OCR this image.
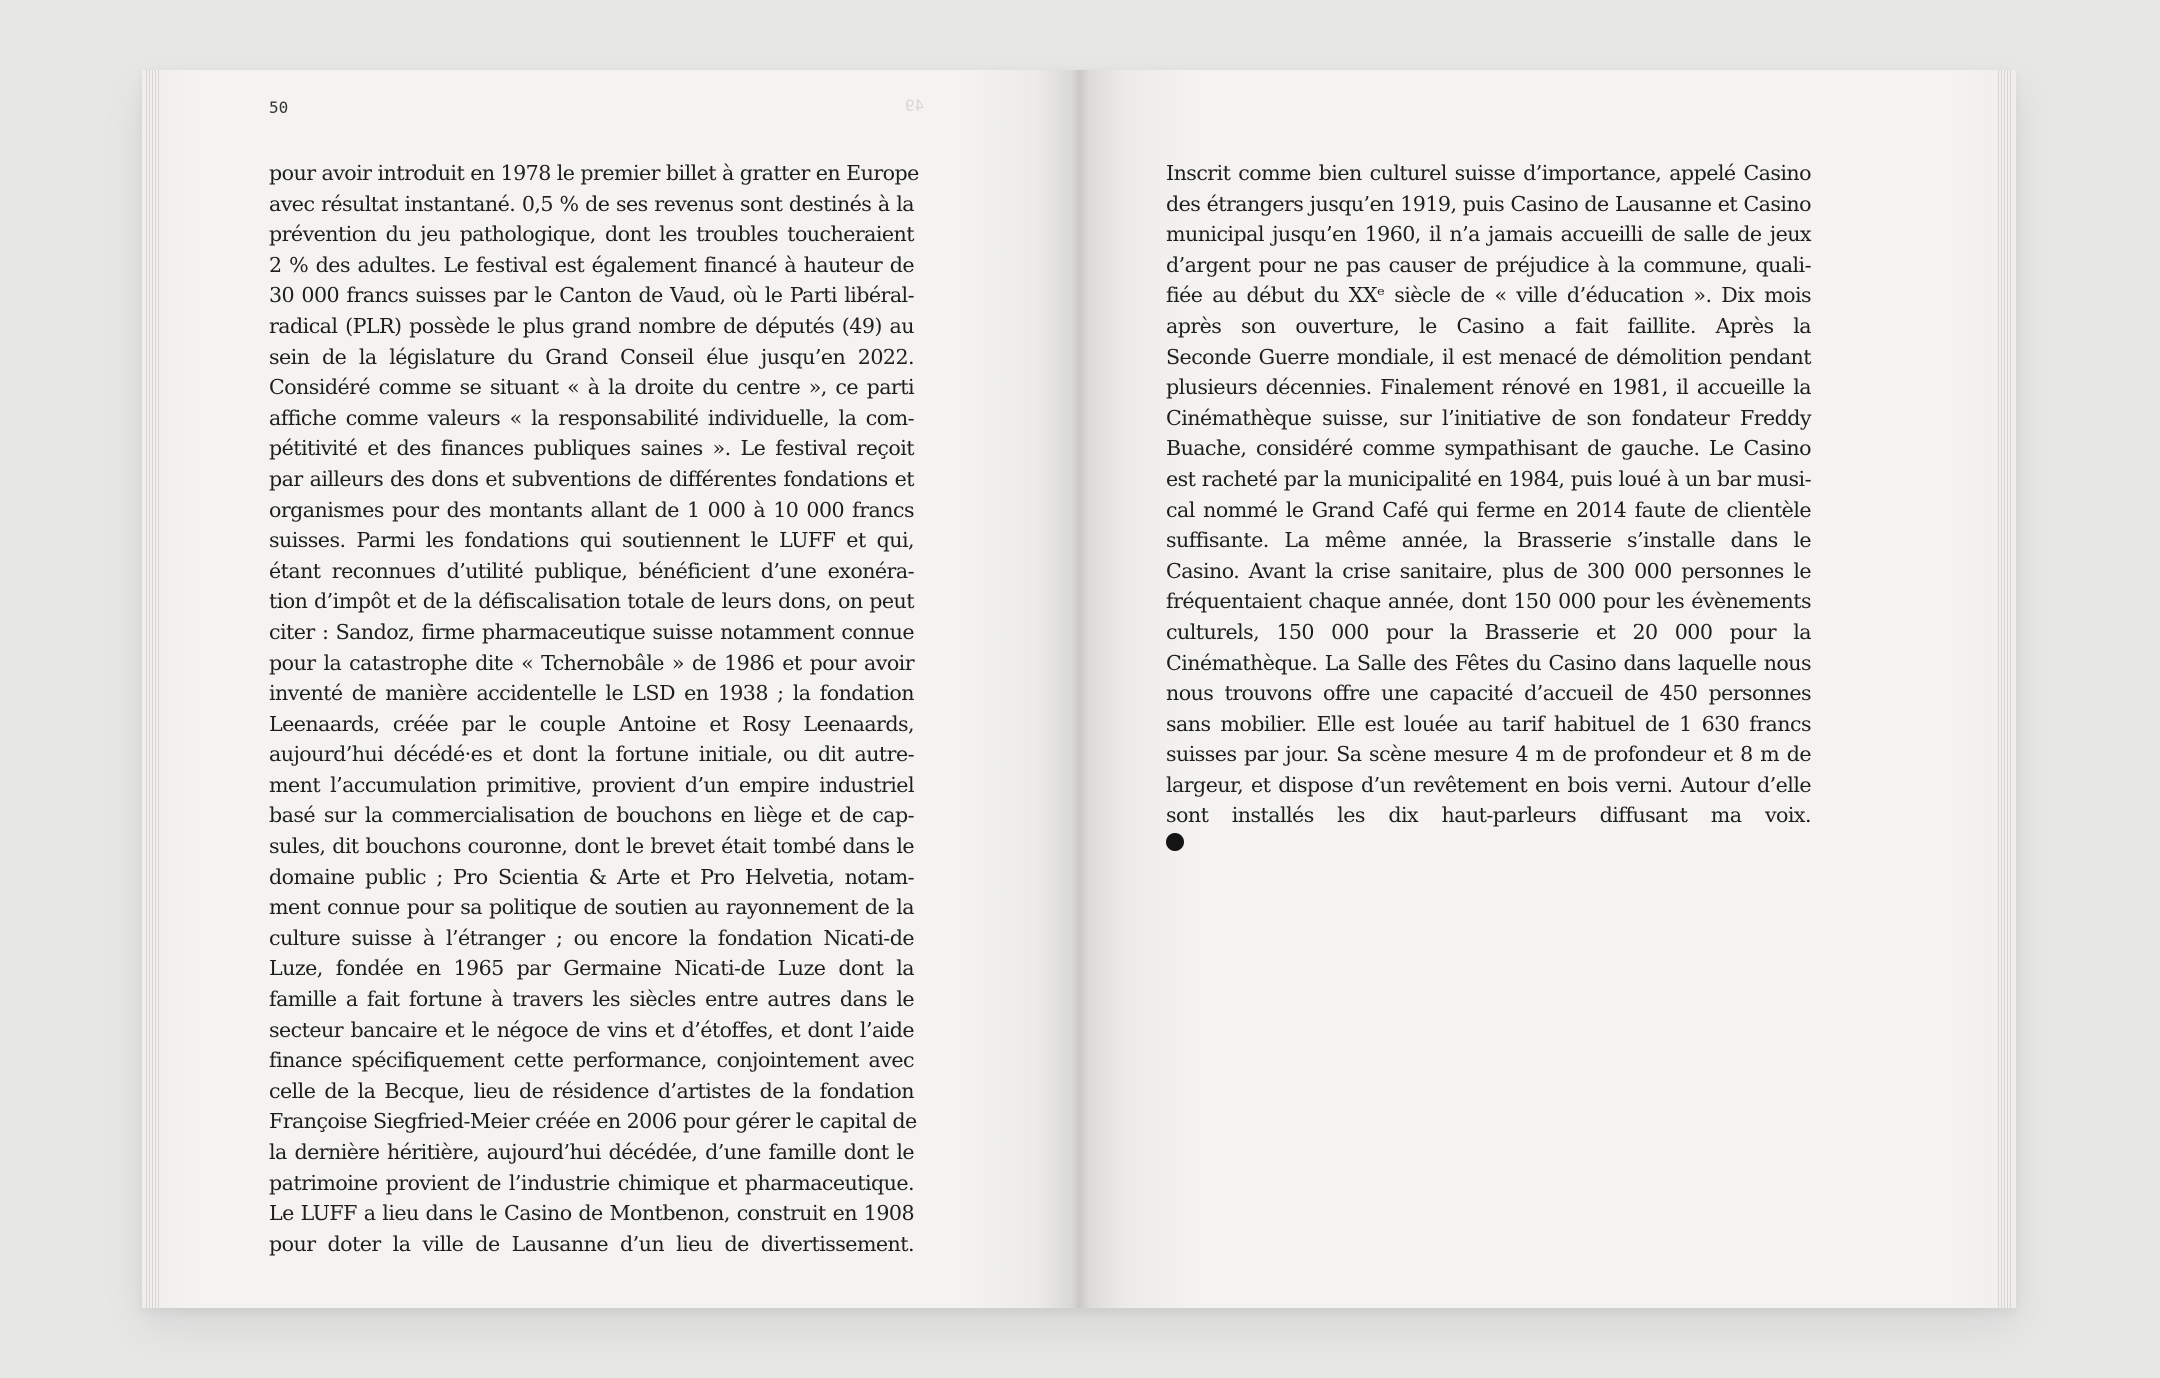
50	49
pour avoir introduit en 1978 le premier billet à gratter en Europe
avec résultat instantané. 0,5 % de ses revenus sont destinés à la
prévention du jeu pathologique, dont les troubles toucheraient
2 % des adultes. Le festival est également financé à hauteur de
30 000 francs suisses par le Canton de Vaud, où le Parti libéral-
radical (PLR) possède le plus grand nombre de députés (49) au
sein de la législature du Grand Conseil élue jusqu’en 2022.
Considéré comme se situant « à la droite du centre », ce parti
affiche comme valeurs « la responsabilité individuelle, la com-
pétitivité et des finances publiques saines ». Le festival reçoit
par ailleurs des dons et subventions de différentes fondations et
organismes pour des montants allant de 1 000 à 10 000 francs
suisses. Parmi les fondations qui soutiennent le LUFF et qui,
étant reconnues d’utilité publique, bénéficient d’une exonéra-
tion d’impôt et de la défiscalisation totale de leurs dons, on peut
citer : Sandoz, firme pharmaceutique suisse notamment connue
pour la catastrophe dite « Tchernobâle » de 1986 et pour avoir
inventé de manière accidentelle le LSD en 1938 ; la fondation
Leenaards, créée par le couple Antoine et Rosy Leenaards,
aujourd’hui décédé·es et dont la fortune initiale, ou dit autre-
ment l’accumulation primitive, provient d’un empire industriel
basé sur la commercialisation de bouchons en liège et de cap-
sules, dit bouchons couronne, dont le brevet était tombé dans le
domaine public ; Pro Scientia & Arte et Pro Helvetia, notam-
ment connue pour sa politique de soutien au rayonnement de la
culture suisse à l’étranger ; ou encore la fondation Nicati-de
Luze, fondée en 1965 par Germaine Nicati-de Luze dont la
famille a fait fortune à travers les siècles entre autres dans le
secteur bancaire et le négoce de vins et d’étoffes, et dont l’aide
finance spécifiquement cette performance, conjointement avec
celle de la Becque, lieu de résidence d’artistes de la fondation
Françoise Siegfried-Meier créée en 2006 pour gérer le capital de
la dernière héritière, aujourd’hui décédée, d’une famille dont le
patrimoine provient de l’industrie chimique et pharmaceutique.
Le LUFF a lieu dans le Casino de Montbenon, construit en 1908
pour doter la ville de Lausanne d’un lieu de divertissement.
Inscrit comme bien culturel suisse d’importance, appelé Casino
des étrangers jusqu’en 1919, puis Casino de Lausanne et Casino
municipal jusqu’en 1960, il n’a jamais accueilli de salle de jeux
d’argent pour ne pas causer de préjudice à la commune, quali-
fiée au début du XXᵉ siècle de « ville d’éducation ». Dix mois
après son ouverture, le Casino a fait faillite. Après la
Seconde Guerre mondiale, il est menacé de démolition pendant
plusieurs décennies. Finalement rénové en 1981, il accueille la
Cinémathèque suisse, sur l’initiative de son fondateur Freddy
Buache, considéré comme sympathisant de gauche. Le Casino
est racheté par la municipalité en 1984, puis loué à un bar musi-
cal nommé le Grand Café qui ferme en 2014 faute de clientèle
suffisante. La même année, la Brasserie s’installe dans le
Casino. Avant la crise sanitaire, plus de 300 000 personnes le
fréquentaient chaque année, dont 150 000 pour les évènements
culturels, 150 000 pour la Brasserie et 20 000 pour la
Cinémathèque. La Salle des Fêtes du Casino dans laquelle nous
nous trouvons offre une capacité d’accueil de 450 personnes
sans mobilier. Elle est louée au tarif habituel de 1 630 francs
suisses par jour. Sa scène mesure 4 m de profondeur et 8 m de
largeur, et dispose d’un revêtement en bois verni. Autour d’elle
sont installés les dix haut-parleurs diffusant ma voix.
